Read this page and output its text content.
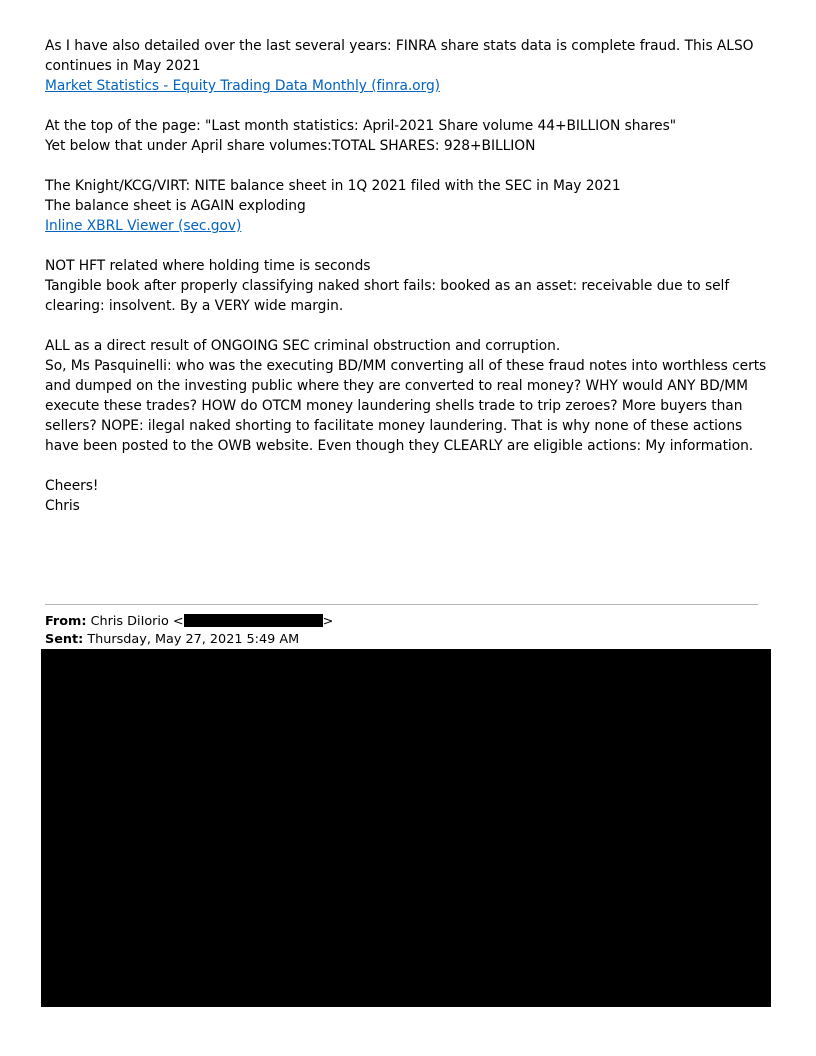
As I have also detailed over the last several years: FINRA share stats data is complete fraud. This ALSO continues in May 2021
Market Statistics - Equity Trading Data Monthly (finra.org)

At the top of the page: "Last month statistics: April-2021 Share volume 44+BILLION shares"
Yet below that under April share volumes:TOTAL SHARES: 928+BILLION

The Knight/KCG/VIRT: NITE balance sheet in 1Q 2021 filed with the SEC in May 2021
The balance sheet is AGAIN exploding
Inline XBRL Viewer (sec.gov)

NOT HFT related where holding time is seconds
Tangible book after properly classifying naked short fails: booked as an asset: receivable due to self clearing: insolvent. By a VERY wide margin.

ALL as a direct result of ONGOING SEC criminal obstruction and corruption.
So, Ms Pasquinelli: who was the executing BD/MM converting all of these fraud notes into worthless certs and dumped on the investing public where they are converted to real money? WHY would ANY BD/MM execute these trades? HOW do OTCM money laundering shells trade to trip zeroes? More buyers than sellers? NOPE: ilegal naked shorting to facilitate money laundering. That is why none of these actions have been posted to the OWB website. Even though they CLEARLY are eligible actions: My information.

Cheers!
Chris

From: Chris DiIorio <	>
Sent: Thursday, May 27, 2021 5:49 AM
